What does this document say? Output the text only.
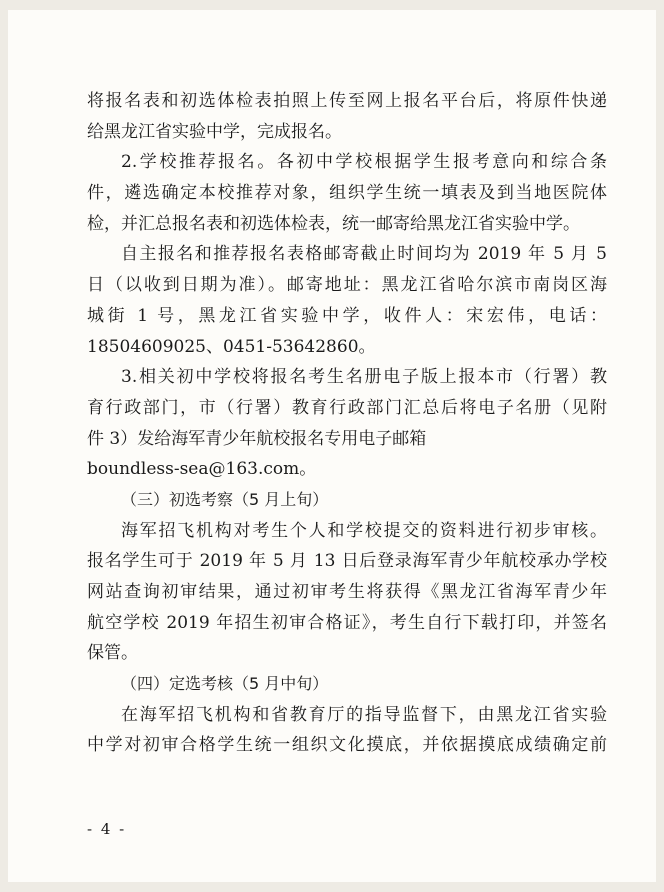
将报名表和初选体检表拍照上传至网上报名平台后，将原件快递
给黑龙江省实验中学，完成报名。
2.学校推荐报名。各初中学校根据学生报考意向和综合条
件，遴选确定本校推荐对象，组织学生统一填表及到当地医院体
检，并汇总报名表和初选体检表，统一邮寄给黑龙江省实验中学。
自主报名和推荐报名表格邮寄截止时间均为 2019 年 5 月 5
日（以收到日期为准）。邮寄地址：黑龙江省哈尔滨市南岗区海
城街 1 号，黑龙江省实验中学，收件人：宋宏伟，电话：
18504609025、0451-53642860。
3.相关初中学校将报名考生名册电子版上报本市（行署）教
育行政部门，市（行署）教育行政部门汇总后将电子名册（见附
件 3）发给海军青少年航校报名专用电子邮箱
boundless-sea@163.com。
（三）初选考察（5 月上旬）
海军招飞机构对考生个人和学校提交的资料进行初步审核。
报名学生可于 2019 年 5 月 13 日后登录海军青少年航校承办学校
网站查询初审结果，通过初审考生将获得《黑龙江省海军青少年
航空学校 2019 年招生初审合格证》，考生自行下载打印，并签名
保管。
（四）定选考核（5 月中旬）
在海军招飞机构和省教育厅的指导监督下，由黑龙江省实验
中学对初审合格学生统一组织文化摸底，并依据摸底成绩确定前
- 4 -
